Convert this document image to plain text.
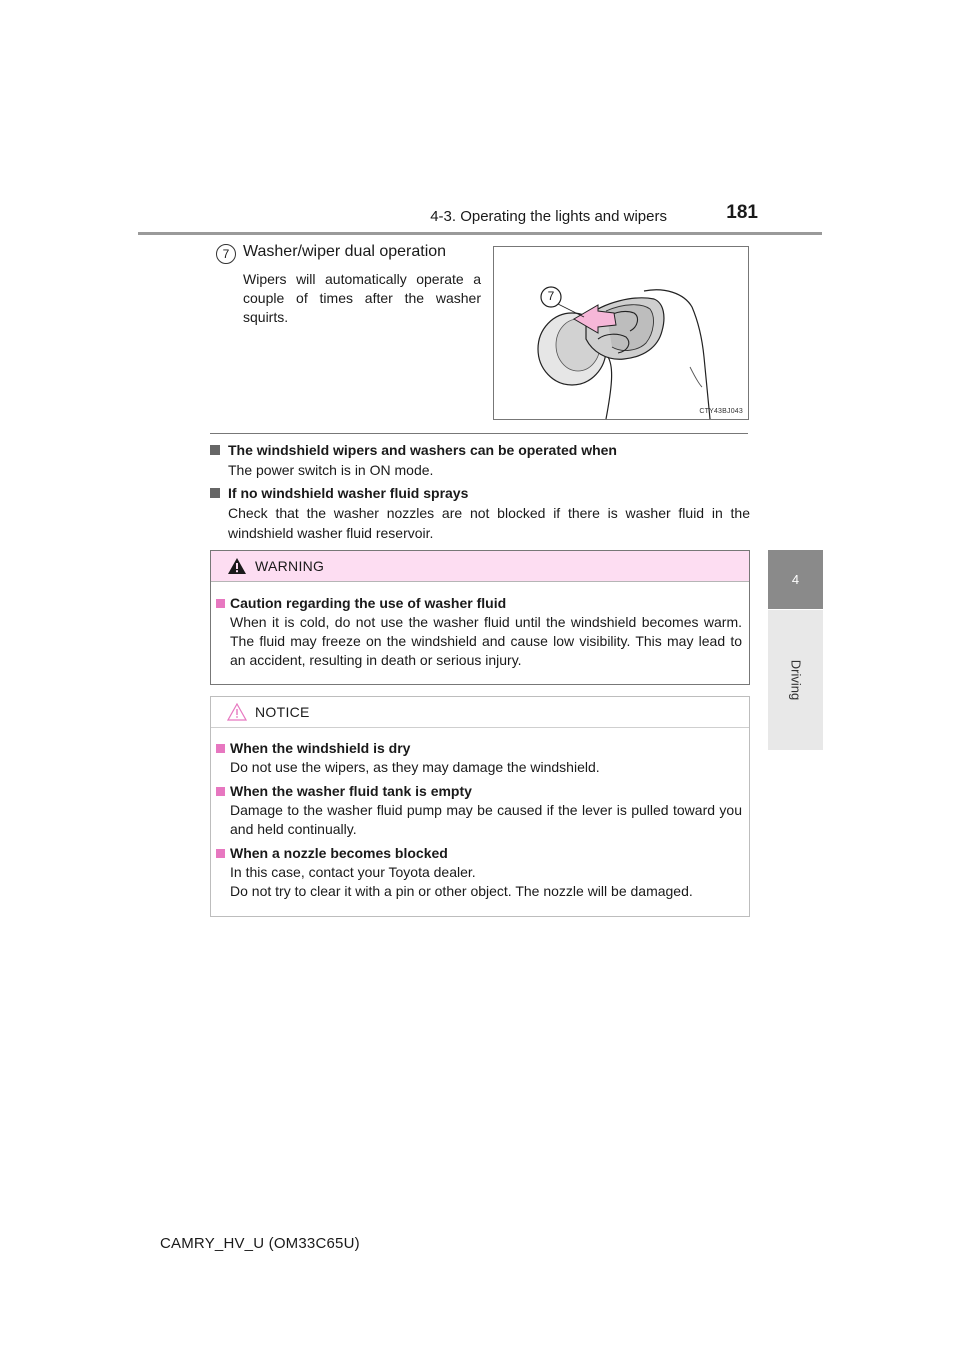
4-3. Operating the lights and wipers	181
4
Driving
7 Washer/wiper dual operation
Wipers will automatically operate a couple of times after the washer squirts.
7
CTY43BJ043
The windshield wipers and washers can be operated when
The power switch is in ON mode.
If no windshield washer fluid sprays
Check that the washer nozzles are not blocked if there is washer fluid in the windshield washer fluid reservoir.
WARNING
Caution regarding the use of washer fluid
When it is cold, do not use the washer fluid until the windshield becomes warm. The fluid may freeze on the windshield and cause low visibility. This may lead to an accident, resulting in death or serious injury.
NOTICE
When the windshield is dry
Do not use the wipers, as they may damage the windshield.
When the washer fluid tank is empty
Damage to the washer fluid pump may be caused if the lever is pulled toward you and held continually.
When a nozzle becomes blocked
In this case, contact your Toyota dealer.
Do not try to clear it with a pin or other object. The nozzle will be damaged.
CAMRY_HV_U (OM33C65U)
